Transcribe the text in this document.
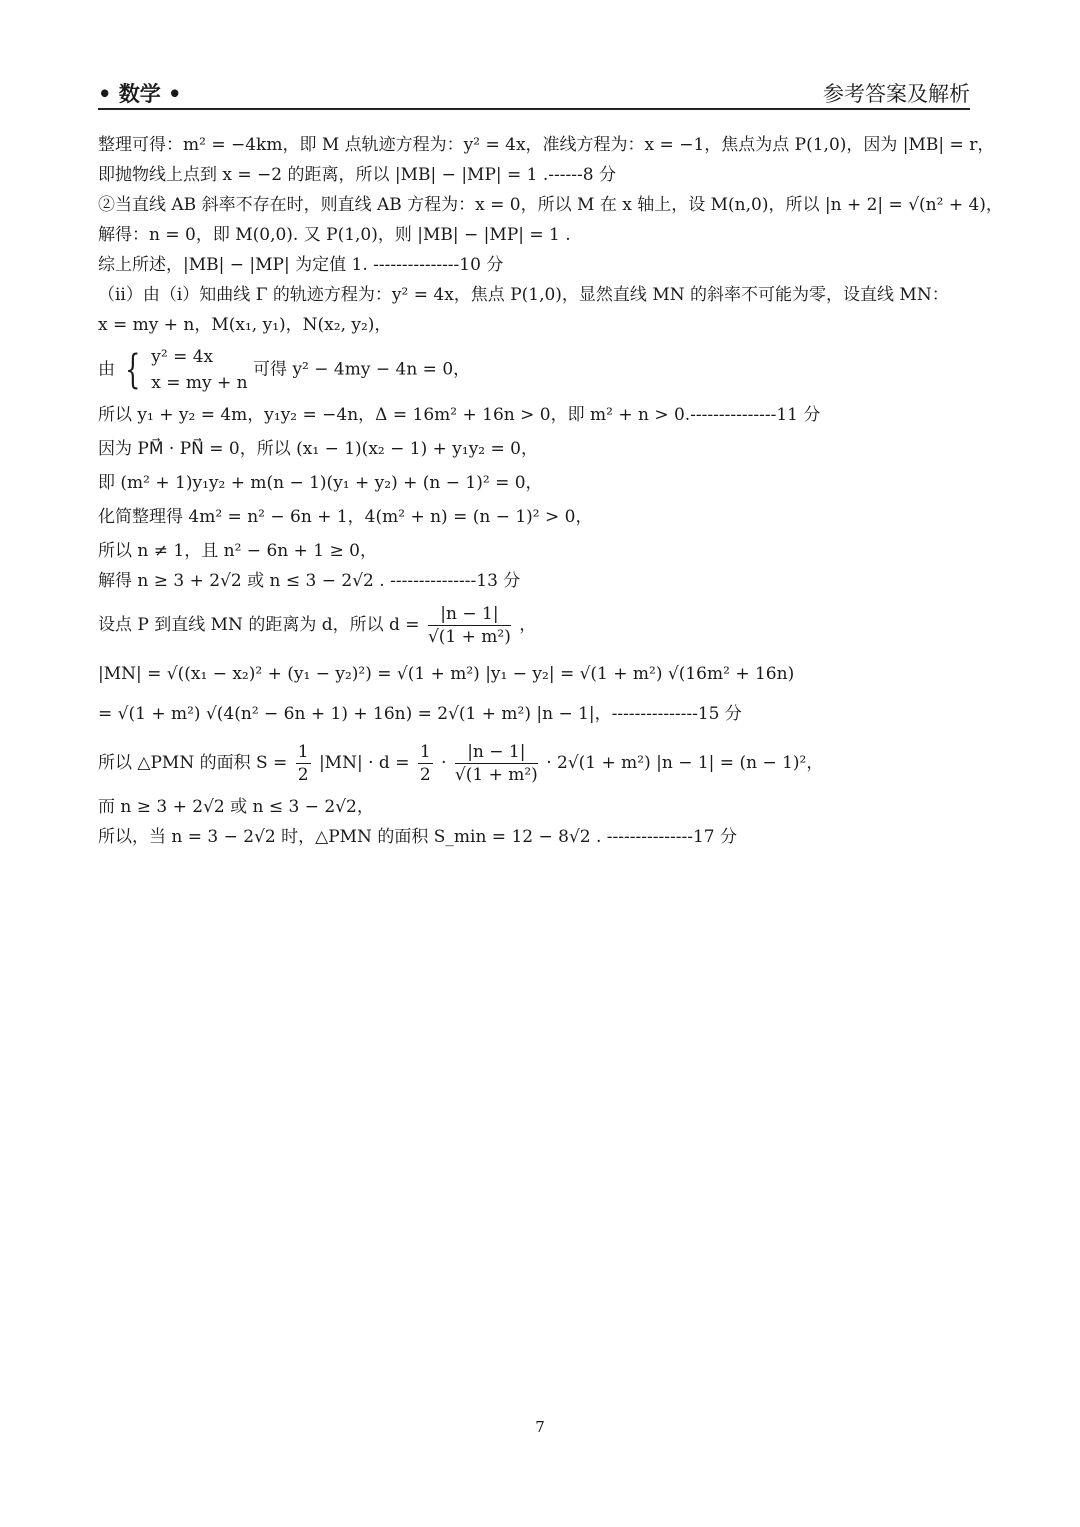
• 数学 •	参考答案及解析
整理可得：m² = −4km，即 M 点轨迹方程为：y² = 4x，准线方程为：x = −1，焦点为点 P(1,0)，因为 |MB| = r，
即抛物线上点到 x = −2 的距离，所以 |MB| − |MP| = 1 .------8 分
②当直线 AB 斜率不存在时，则直线 AB 方程为：x = 0，所以 M 在 x 轴上，设 M(n,0)，所以 |n + 2| = √(n² + 4)，
解得：n = 0，即 M(0,0). 又 P(1,0)，则 |MB| − |MP| = 1 .
综上所述，|MB| − |MP| 为定值 1. ---------------10 分
（ii）由（i）知曲线 Γ 的轨迹方程为：y² = 4x，焦点 P(1,0)，显然直线 MN 的斜率不可能为零，设直线 MN：
x = my + n，M(x₁, y₁)，N(x₂, y₂)，
由 { y² = 4x
x = my + n
可得 y² − 4my − 4n = 0，
所以 y₁ + y₂ = 4m，y₁y₂ = −4n，Δ = 16m² + 16n > 0，即 m² + n > 0.---------------11 分
因为 PM⃗ · PN⃗ = 0，所以 (x₁ − 1)(x₂ − 1) + y₁y₂ = 0，
即 (m² + 1)y₁y₂ + m(n − 1)(y₁ + y₂) + (n − 1)² = 0，
化简整理得 4m² = n² − 6n + 1，4(m² + n) = (n − 1)² > 0，
所以 n ≠ 1，且 n² − 6n + 1 ≥ 0，
解得 n ≥ 3 + 2√2 或 n ≤ 3 − 2√2 . ---------------13 分
设点 P 到直线 MN 的距离为 d，所以 $d = \frac{|n - 1|}{\text{√(1 + m²)}}$ ，
|MN| = √((x₁ − x₂)² + (y₁ − y₂)²) = √(1 + m²) |y₁ − y₂| = √(1 + m²) √(16m² + 16n)
= √(1 + m²) √(4(n² − 6n + 1) + 16n) = 2√(1 + m²) |n − 1|，---------------15 分
所以 △PMN 的面积 $S = \frac{1}{2} |MN| \cdot d = \frac{1}{2} \cdot \frac{|n - 1|}{\text{√(1 + m²)}} \cdot 2√(1 + m^2) |n - 1| = (n - 1)^2$，
而 n ≥ 3 + 2√2 或 n ≤ 3 − 2√2，
所以，当 n = 3 − 2√2 时，△PMN 的面积 S_min = 12 − 8√2 . ---------------17 分
7
